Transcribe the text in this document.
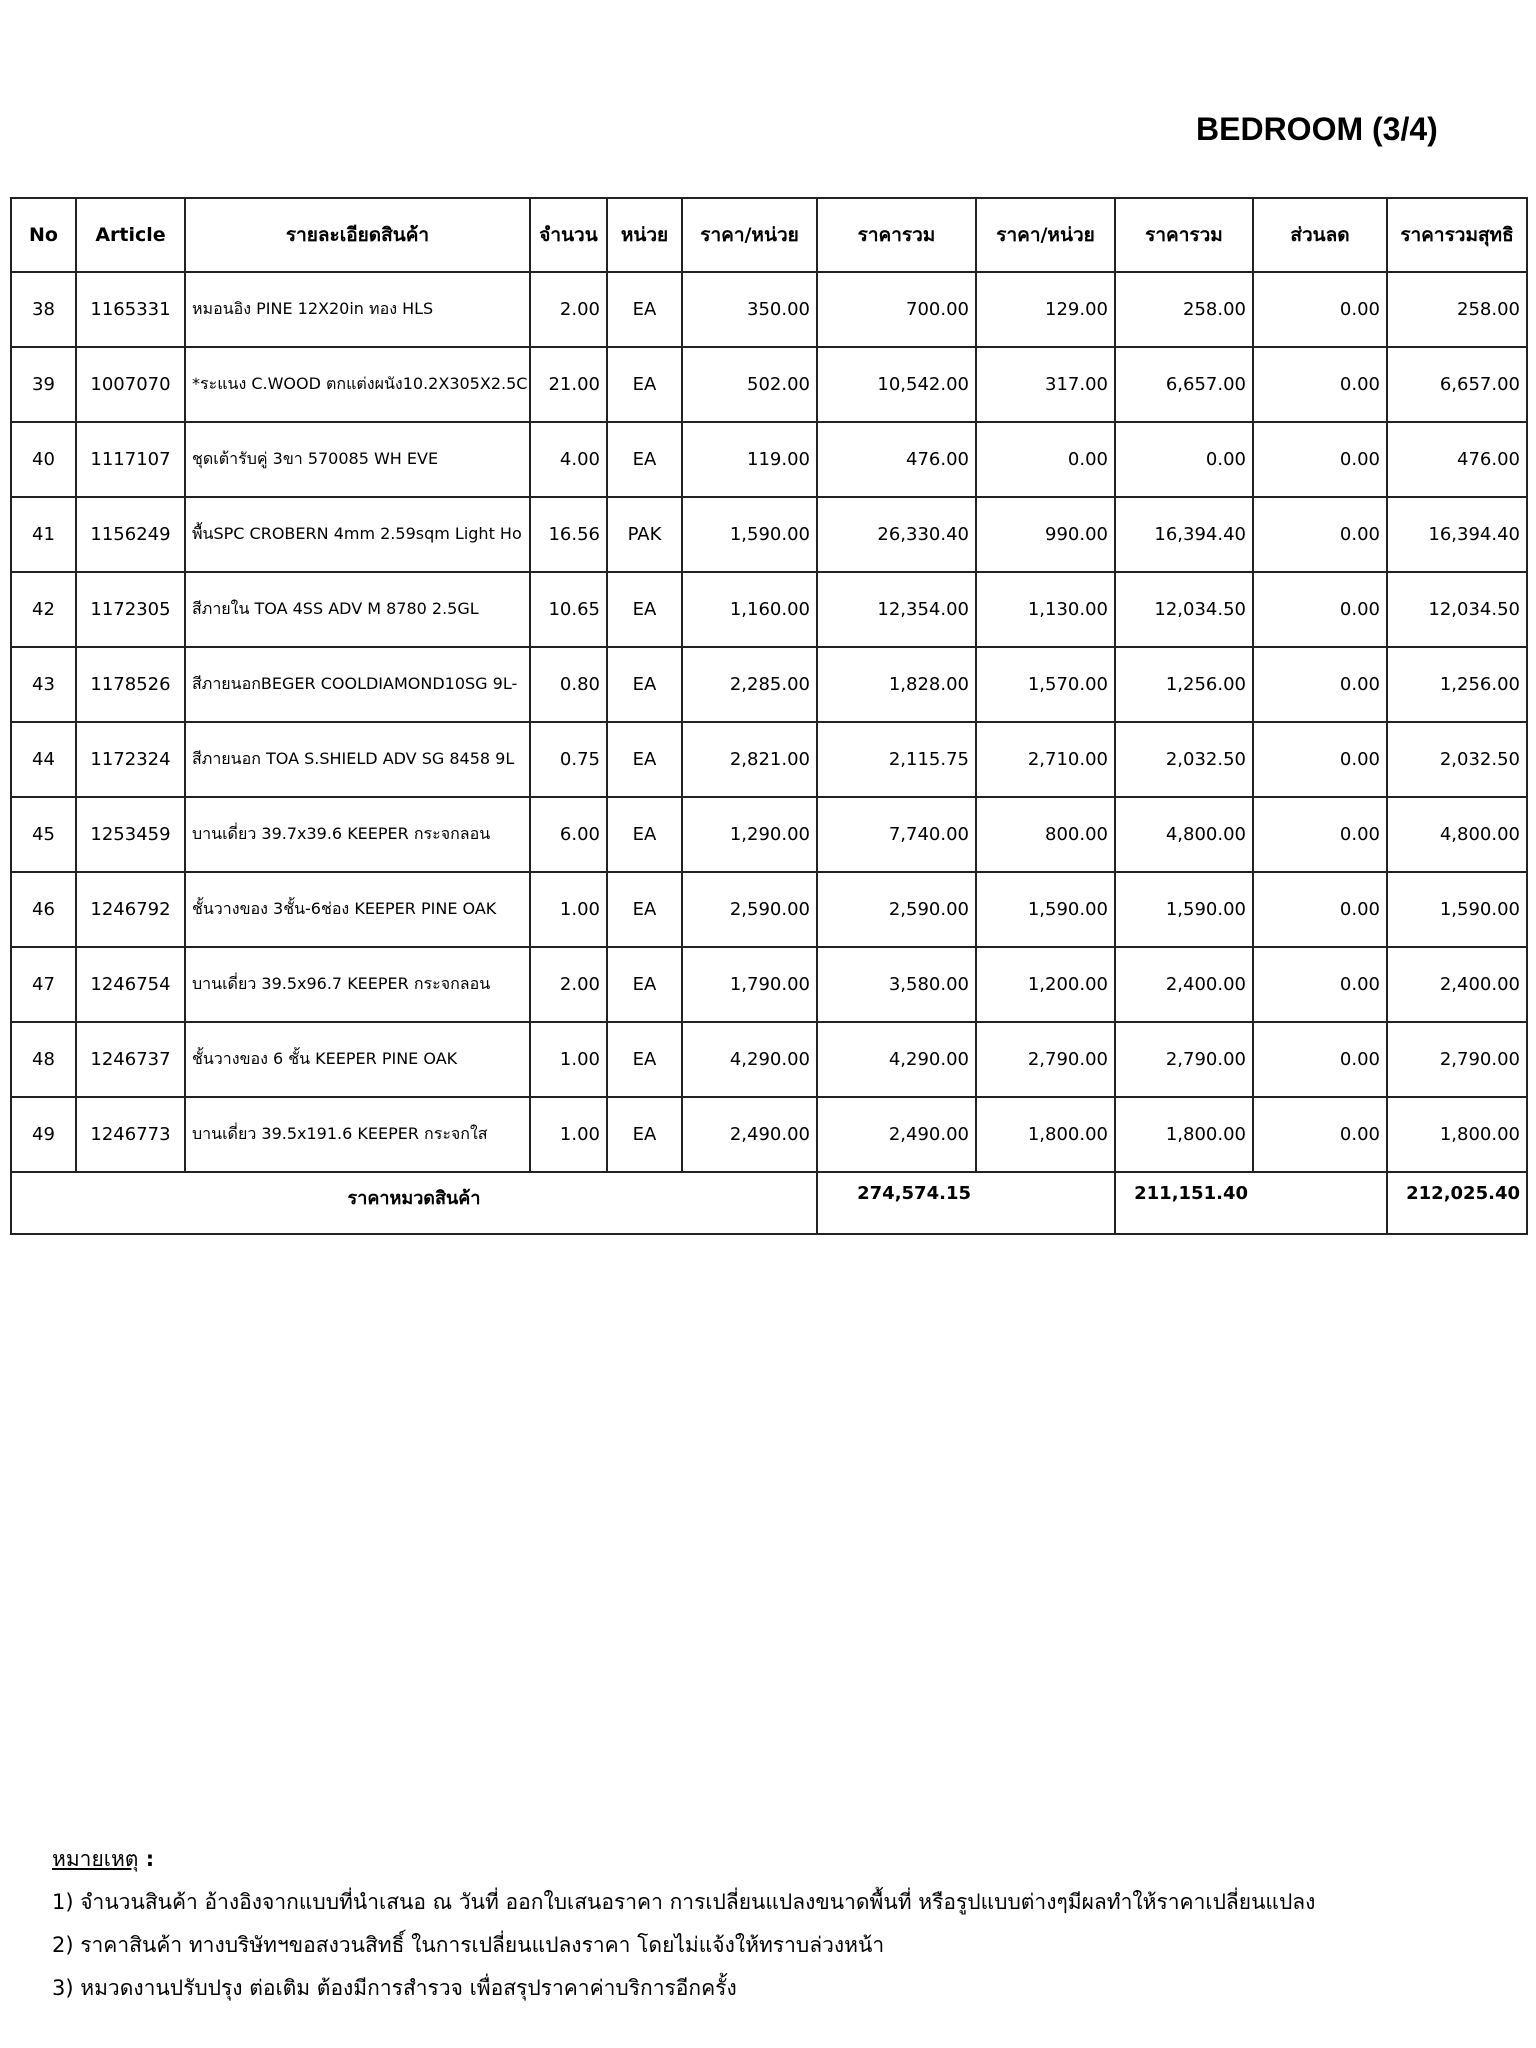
BEDROOM (3/4)
No	Article	รายละเอียดสินค้า	จำนวน	หน่วย	ราคา/หน่วย	ราคารวม	ราคา/หน่วย	ราคารวม	ส่วนลด	ราคารวมสุทธิ
38	1165331	หมอนอิง PINE 12X20in ทอง HLS	2.00	EA	350.00	700.00	129.00	258.00	0.00	258.00
39	1007070	*ระแนง C.WOOD ตกแต่งผนัง10.2X305X2.5C	21.00	EA	502.00	10,542.00	317.00	6,657.00	0.00	6,657.00
40	1117107	ชุดเต้ารับคู่ 3ขา 570085 WH EVE	4.00	EA	119.00	476.00	0.00	0.00	0.00	476.00
41	1156249	พื้นSPC CROBERN 4mm 2.59sqm Light Ho	16.56	PAK	1,590.00	26,330.40	990.00	16,394.40	0.00	16,394.40
42	1172305	สีภายใน TOA 4SS ADV M 8780 2.5GL	10.65	EA	1,160.00	12,354.00	1,130.00	12,034.50	0.00	12,034.50
43	1178526	สีภายนอกBEGER COOLDIAMOND10SG 9L-	0.80	EA	2,285.00	1,828.00	1,570.00	1,256.00	0.00	1,256.00
44	1172324	สีภายนอก TOA S.SHIELD ADV SG 8458 9L	0.75	EA	2,821.00	2,115.75	2,710.00	2,032.50	0.00	2,032.50
45	1253459	บานเดี่ยว 39.7x39.6 KEEPER กระจกลอน	6.00	EA	1,290.00	7,740.00	800.00	4,800.00	0.00	4,800.00
46	1246792	ชั้นวางของ 3ชั้น-6ช่อง KEEPER PINE OAK	1.00	EA	2,590.00	2,590.00	1,590.00	1,590.00	0.00	1,590.00
47	1246754	บานเดี่ยว 39.5x96.7 KEEPER กระจกลอน	2.00	EA	1,790.00	3,580.00	1,200.00	2,400.00	0.00	2,400.00
48	1246737	ชั้นวางของ 6 ชั้น KEEPER PINE OAK	1.00	EA	4,290.00	4,290.00	2,790.00	2,790.00	0.00	2,790.00
49	1246773	บานเดี่ยว 39.5x191.6 KEEPER กระจกใส	1.00	EA	2,490.00	2,490.00	1,800.00	1,800.00	0.00	1,800.00
ราคาหมวดสินค้า						274,574.15		211,151.40		212,025.40
หมายเหตุ :
1) จำนวนสินค้า อ้างอิงจากแบบที่นำเสนอ ณ วันที่ ออกใบเสนอราคา การเปลี่ยนแปลงขนาดพื้นที่ หรือรูปแบบต่างๆมีผลทำให้ราคาเปลี่ยนแปลง
2) ราคาสินค้า ทางบริษัทฯขอสงวนสิทธิ์ ในการเปลี่ยนแปลงราคา โดยไม่แจ้งให้ทราบล่วงหน้า
3) หมวดงานปรับปรุง ต่อเติม ต้องมีการสำรวจ เพื่อสรุปราคาค่าบริการอีกครั้ง
